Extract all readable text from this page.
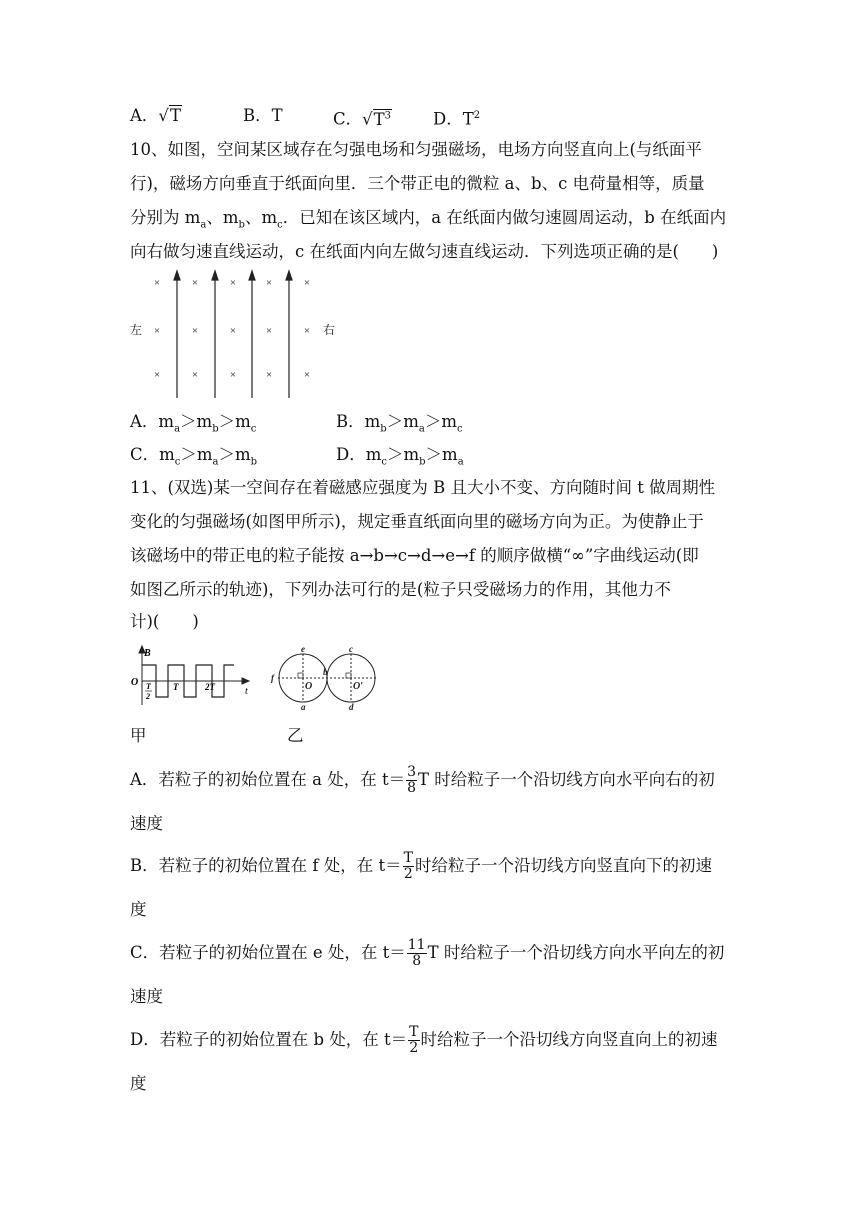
A．√T	B．T	C．$√T^3$	D．$T^2$
10、如图，空间某区域存在匀强电场和匀强磁场，电场方向竖直向上(与纸面平
行)，磁场方向垂直于纸面向里．三个带正电的微粒 a、b、c 电荷量相等，质量
分别为 $m_a$、$m_b$、$m_c$．已知在该区域内，a 在纸面内做匀速圆周运动，b 在纸面内
向右做匀速直线运动，c 在纸面内向左做匀速直线运动．下列选项正确的是(　　)
×	×	×	×	×
×	×	×	×	×
×	×	×	×	×
左	右
A．$m_a>m_b>m_c$	B．$m_b>m_a>m_c$
C．$m_c>m_a>m_b$	D．$m_c>m_b>m_a$
11、(双选)某一空间存在着磁感应强度为 B 且大小不变、方向随时间 t 做周期性
变化的匀强磁场(如图甲所示)，规定垂直纸面向里的磁场方向为正。为使静止于
该磁场中的带正电的粒子能按 a→b→c→d→e→f 的顺序做横“∞”字曲线运动(即
如图乙所示的轨迹)，下列办法可行的是(粒子只受磁场力的作用，其他力不
计)(　　)
B
t
O T
2
T	2T
e	c
f
b
O	O′
a	d
甲	乙
A．若粒子的初始位置在 a 处，在 $t= \frac{3}{8}$ T 时给粒子一个沿切线方向水平向右的初
速度
B．若粒子的初始位置在 f 处，在 $t= \frac{T}{2}$ 时给粒子一个沿切线方向竖直向下的初速
度
C．若粒子的初始位置在 e 处，在 $t= \frac{11}{8}$ T 时给粒子一个沿切线方向水平向左的初
速度
D．若粒子的初始位置在 b 处，在 $t= \frac{T}{2}$ 时给粒子一个沿切线方向竖直向上的初速
度
